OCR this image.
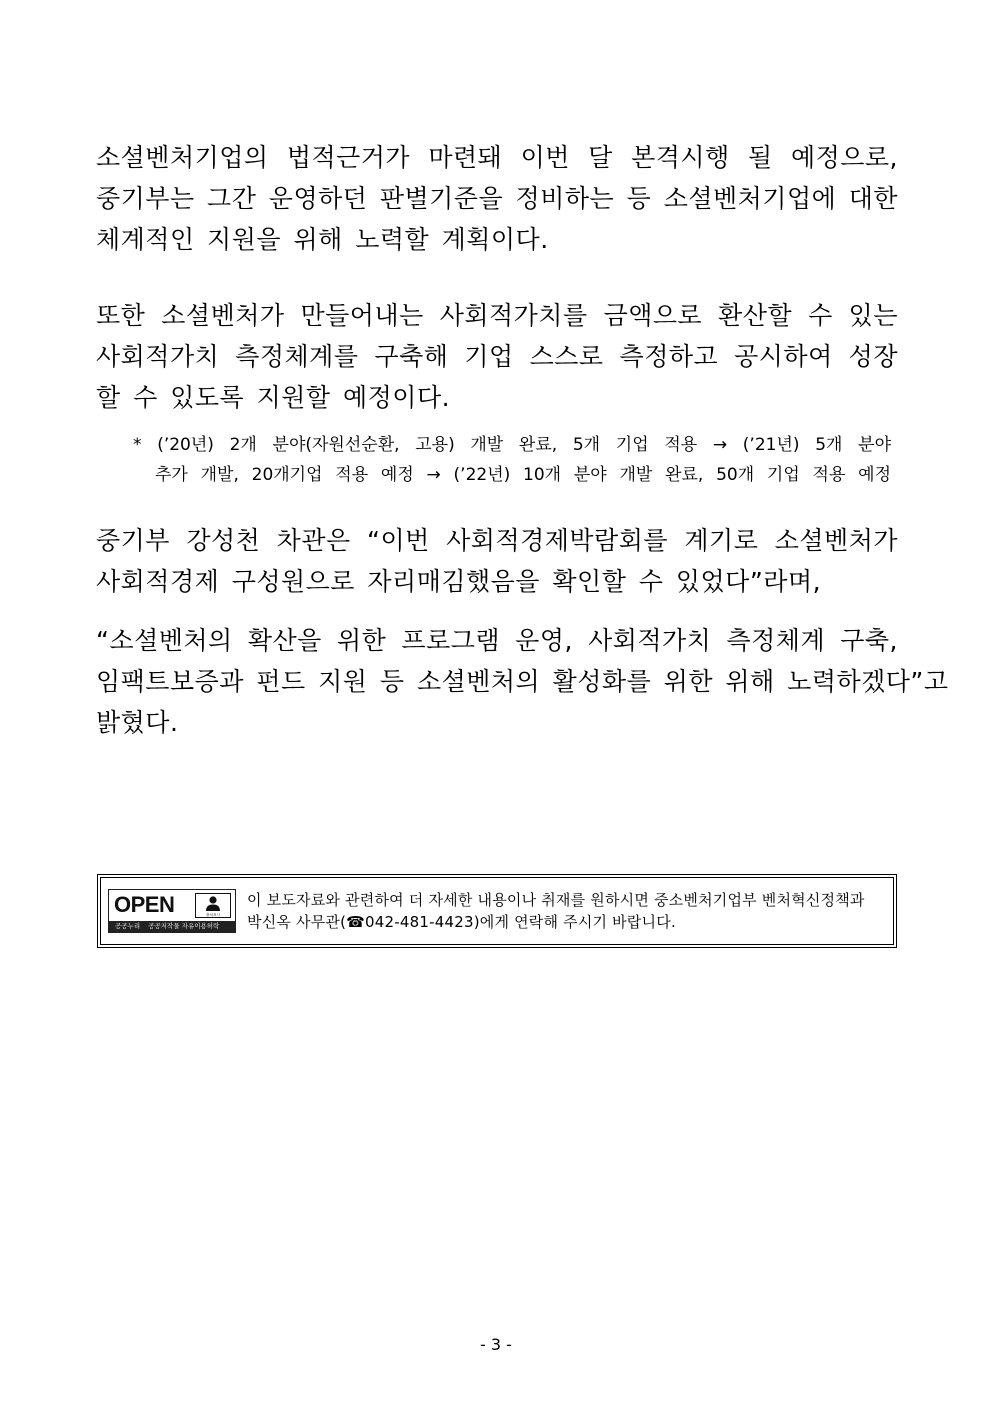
소셜벤처기업의 법적근거가 마련돼 이번 달 본격시행 될 예정으로,
중기부는 그간 운영하던 판별기준을 정비하는 등 소셜벤처기업에 대한
체계적인 지원을 위해 노력할 계획이다.
또한 소셜벤처가 만들어내는 사회적가치를 금액으로 환산할 수 있는
사회적가치 측정체계를 구축해 기업 스스로 측정하고 공시하여 성장
할 수 있도록 지원할 예정이다.
* (’20년) 2개 분야(자원선순환, 고용) 개발 완료, 5개 기업 적용 → (’21년) 5개 분야
추가 개발, 20개기업 적용 예정 → (’22년) 10개 분야 개발 완료, 50개 기업 적용 예정
중기부 강성천 차관은 “이번 사회적경제박람회를 계기로 소셜벤처가
사회적경제 구성원으로 자리매김했음을 확인할 수 있었다”라며,
“소셜벤처의 확산을 위한 프로그램 운영, 사회적가치 측정체계 구축,
임팩트보증과 펀드 지원 등 소셜벤처의 활성화를 위한 위해 노력하겠다”고
밝혔다.
OPEN	출처표시
공공누리 공공저작물 자유이용허락
이 보도자료와 관련하여 더 자세한 내용이나 취재를 원하시면 중소벤처기업부 벤처혁신정책과
박신옥 사무관(☎042-481-4423)에게 연락해 주시기 바랍니다.
- 3 -
